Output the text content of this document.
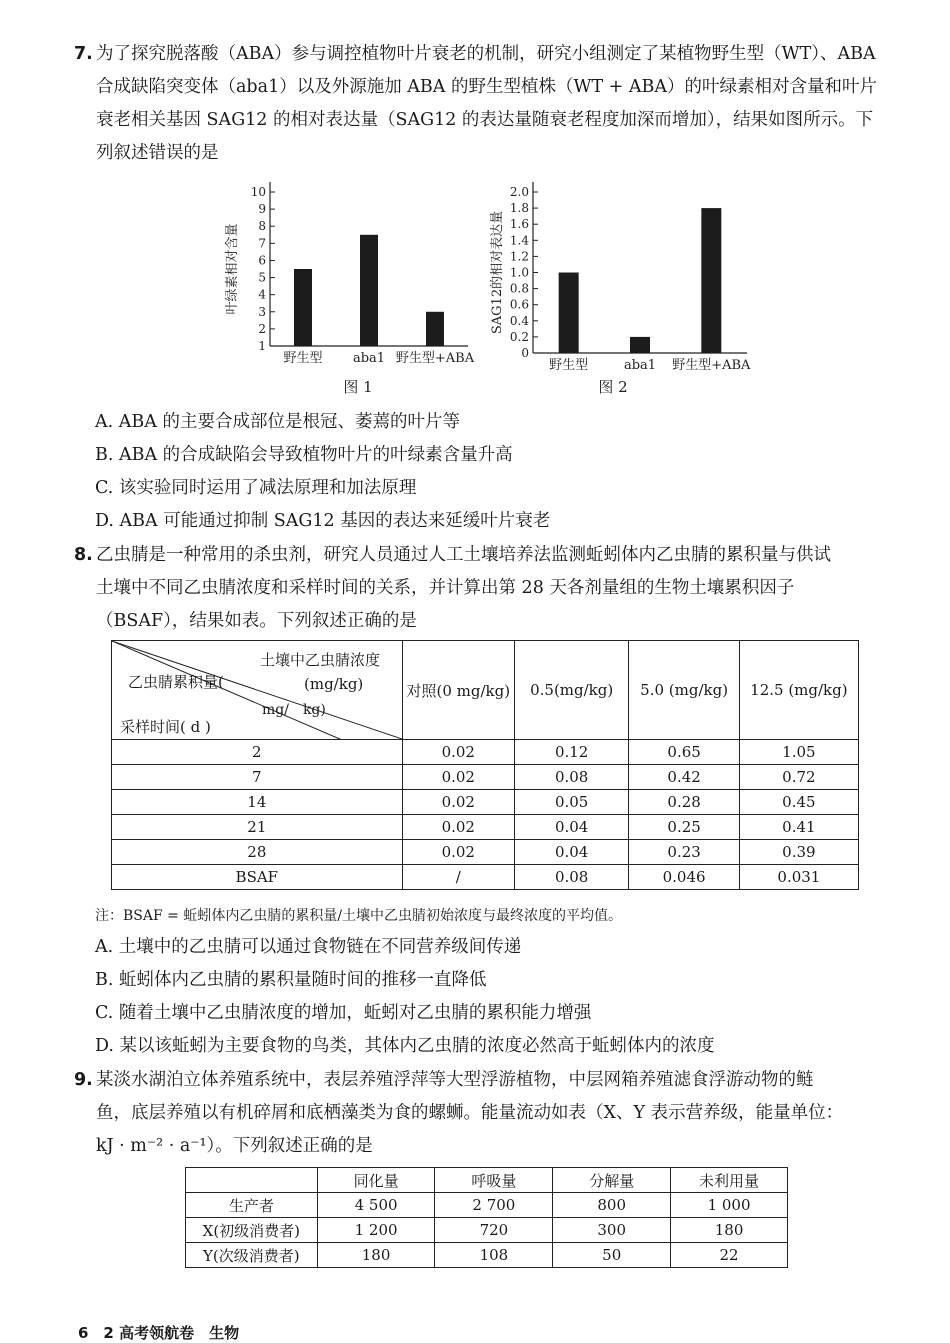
7. 为了探究脱落酸（ABA）参与调控植物叶片衰老的机制，研究小组测定了某植物野生型（WT）、ABA
合成缺陷突变体（aba1）以及外源施加 ABA 的野生型植株（WT + ABA）的叶绿素相对含量和叶片
衰老相关基因 SAG12 的相对表达量（SAG12 的表达量随衰老程度加深而增加），结果如图所示。下
列叙述错误的是
1
2
3
4
5
6
7
8
9
10
野生型 aba1 野生型+ABA
叶绿素相对含量
图 1
0
0.2
0.4
0.6
0.8
1.0
1.2
1.4
1.6
1.8
2.0
野生型	aba1 野生型+ABA
SAG12的相对表达量
图 2
A. ABA 的主要合成部位是根冠、萎蔫的叶片等
B. ABA 的合成缺陷会导致植物叶片的叶绿素含量升高
C. 该实验同时运用了减法原理和加法原理
D. ABA 可能通过抑制 SAG12 基因的表达来延缓叶片衰老
8. 乙虫腈是一种常用的杀虫剂，研究人员通过人工土壤培养法监测蚯蚓体内乙虫腈的累积量与供试
土壤中不同乙虫腈浓度和采样时间的关系，并计算出第 28 天各剂量组的生物土壤累积因子
（BSAF），结果如表。下列叙述正确的是
土壤中乙虫腈浓度
(mg/kg)
乙虫腈累积量(
mg/　kg)
采样时间( d )	对照(0 mg/kg)	0.5(mg/kg)	5.0 (mg/kg)	12.5 (mg/kg)
2	0.02	0.12	0.65	1.05
7	0.02	0.08	0.42	0.72
14	0.02	0.05	0.28	0.45
21	0.02	0.04	0.25	0.41
28	0.02	0.04	0.23	0.39
BSAF	/	0.08	0.046	0.031
注：BSAF = 蚯蚓体内乙虫腈的累积量/土壤中乙虫腈初始浓度与最终浓度的平均值。
A. 土壤中的乙虫腈可以通过食物链在不同营养级间传递
B. 蚯蚓体内乙虫腈的累积量随时间的推移一直降低
C. 随着土壤中乙虫腈浓度的增加，蚯蚓对乙虫腈的累积能力增强
D. 某以该蚯蚓为主要食物的鸟类，其体内乙虫腈的浓度必然高于蚯蚓体内的浓度
9. 某淡水湖泊立体养殖系统中，表层养殖浮萍等大型浮游植物，中层网箱养殖滤食浮游动物的鲢
鱼，底层养殖以有机碎屑和底栖藻类为食的螺蛳。能量流动如表（X、Y 表示营养级，能量单位：
kJ · m⁻² · a⁻¹）。下列叙述正确的是
	同化量	呼吸量	分解量	未利用量
生产者	4 500	2 700	800	1 000
X(初级消费者)	1 200	720	300	180
Y(次级消费者)	180	108	50	22
6　2 高考领航卷　生物
